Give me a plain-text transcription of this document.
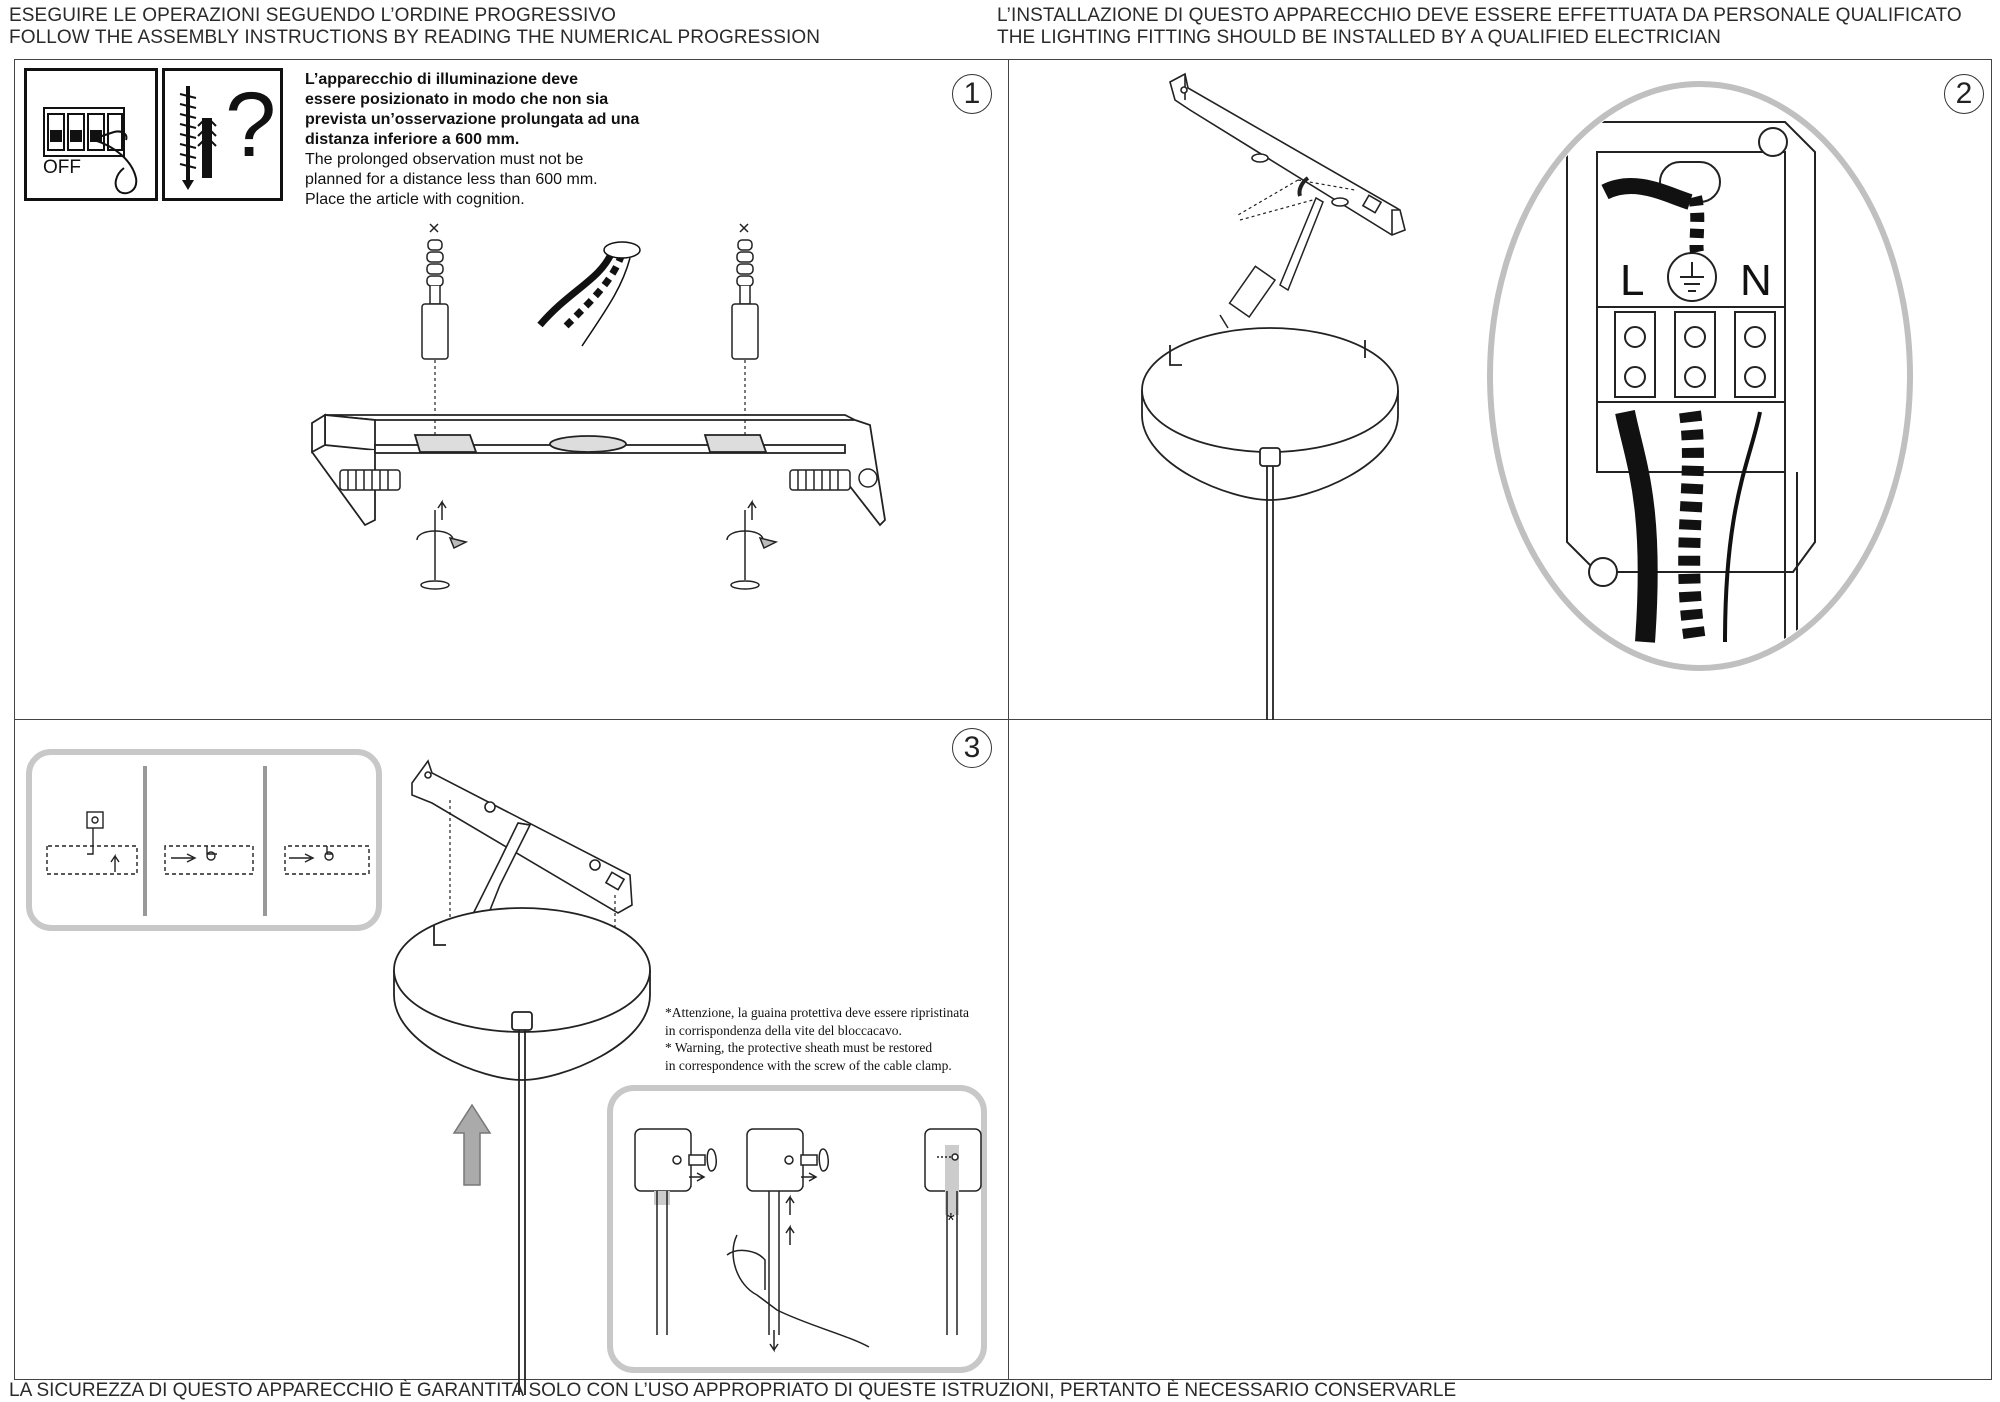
ESEGUIRE LE OPERAZIONI SEGUENDO L’ORDINE PROGRESSIVO
FOLLOW THE ASSEMBLY INSTRUCTIONS BY READING THE NUMERICAL PROGRESSION
L’INSTALLAZIONE DI QUESTO APPARECCHIO DEVE ESSERE EFFETTUATA DA PERSONALE QUALIFICATO
THE LIGHTING FITTING SHOULD BE INSTALLED BY A QUALIFIED ELECTRICIAN
1	2
3
OFF ? L’apparecchio di illuminazione deve
essere posizionato in modo che non sia
prevista un’osservazione prolungata ad una
distanza inferiore a 600 mm.
The prolonged observation must not be
planned for a distance less than 600 mm.
Place the article with cognition.
L N
*Attenzione, la guaina protettiva deve essere ripristinata
in corrispondenza della vite del bloccacavo.
* Warning, the protective sheath must be restored
in correspondence with the screw of the cable clamp.
*
LA SICUREZZA DI QUESTO APPARECCHIO È GARANTITA SOLO CON L’USO APPROPRIATO DI QUESTE ISTRUZIONI, PERTANTO È NECESSARIO CONSERVARLE
